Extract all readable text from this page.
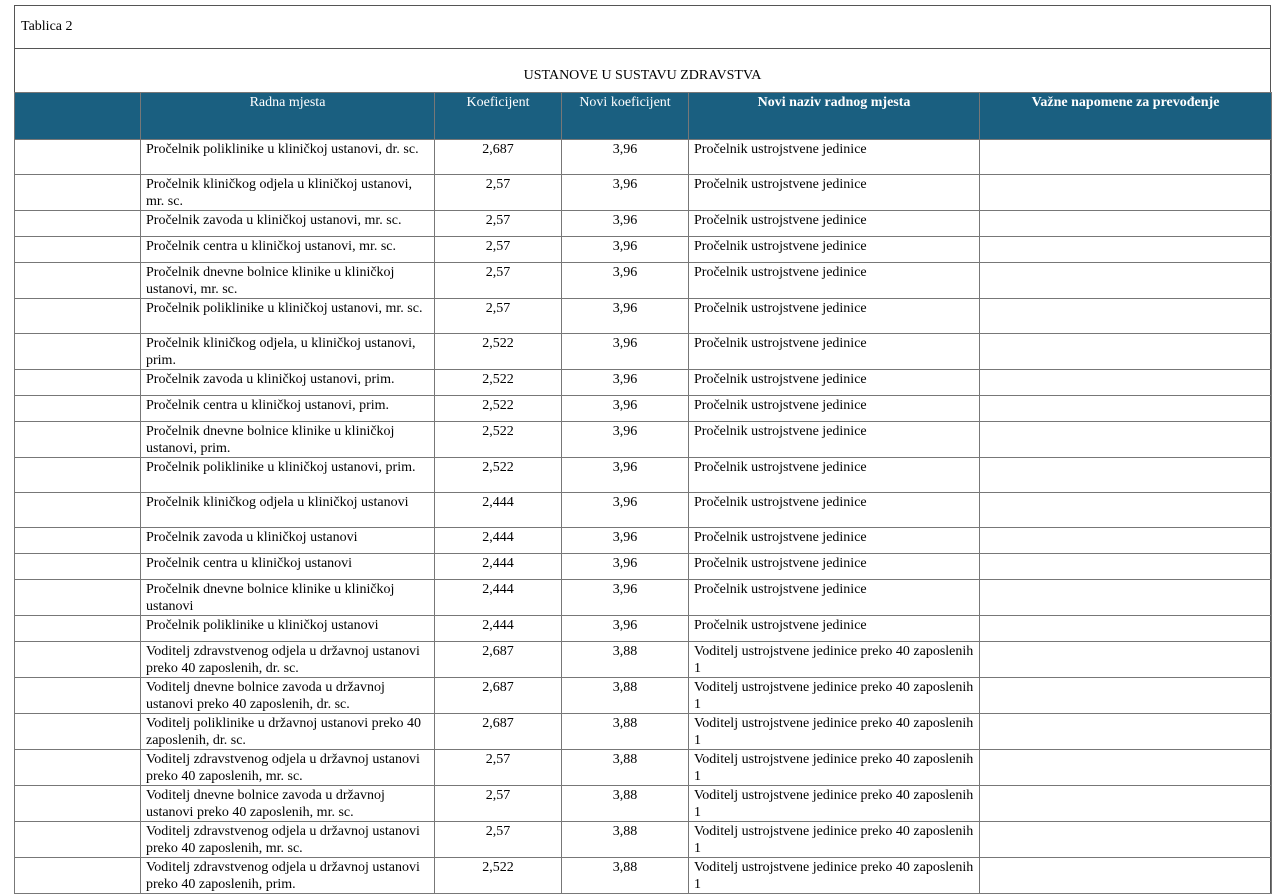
Tablica 2
USTANOVE U SUSTAVU ZDRAVSTVA
	Radna mjesta	Koeficijent	Novi koeficijent	Novi naziv radnog mjesta	Važne napomene za prevođenje
	Pročelnik poliklinike u kliničkoj ustanovi, dr. sc.	2,687	3,96	Pročelnik ustrojstvene jedinice	
	Pročelnik kliničkog odjela u kliničkoj ustanovi, mr. sc.	2,57	3,96	Pročelnik ustrojstvene jedinice	
	Pročelnik zavoda u kliničkoj ustanovi, mr. sc.	2,57	3,96	Pročelnik ustrojstvene jedinice	
	Pročelnik centra u kliničkoj ustanovi, mr. sc.	2,57	3,96	Pročelnik ustrojstvene jedinice	
	Pročelnik dnevne bolnice klinike u kliničkoj ustanovi, mr. sc.	2,57	3,96	Pročelnik ustrojstvene jedinice	
	Pročelnik poliklinike u kliničkoj ustanovi, mr. sc.	2,57	3,96	Pročelnik ustrojstvene jedinice	
	Pročelnik kliničkog odjela, u kliničkoj ustanovi, prim.	2,522	3,96	Pročelnik ustrojstvene jedinice	
	Pročelnik zavoda u kliničkoj ustanovi, prim.	2,522	3,96	Pročelnik ustrojstvene jedinice	
	Pročelnik centra u kliničkoj ustanovi, prim.	2,522	3,96	Pročelnik ustrojstvene jedinice	
	Pročelnik dnevne bolnice klinike u kliničkoj ustanovi, prim.	2,522	3,96	Pročelnik ustrojstvene jedinice	
	Pročelnik poliklinike u kliničkoj ustanovi, prim.	2,522	3,96	Pročelnik ustrojstvene jedinice	
	Pročelnik kliničkog odjela u kliničkoj ustanovi	2,444	3,96	Pročelnik ustrojstvene jedinice	
	Pročelnik zavoda u kliničkoj ustanovi	2,444	3,96	Pročelnik ustrojstvene jedinice	
	Pročelnik centra u kliničkoj ustanovi	2,444	3,96	Pročelnik ustrojstvene jedinice	
	Pročelnik dnevne bolnice klinike u kliničkoj ustanovi	2,444	3,96	Pročelnik ustrojstvene jedinice	
	Pročelnik poliklinike u kliničkoj ustanovi	2,444	3,96	Pročelnik ustrojstvene jedinice	
	Voditelj zdravstvenog odjela u državnoj ustanovi preko 40 zaposlenih, dr. sc.	2,687	3,88	Voditelj ustrojstvene jedinice preko 40 zaposlenih 1	
	Voditelj dnevne bolnice zavoda u državnoj ustanovi preko 40 zaposlenih, dr. sc.	2,687	3,88	Voditelj ustrojstvene jedinice preko 40 zaposlenih 1	
	Voditelj poliklinike u državnoj ustanovi preko 40 zaposlenih, dr. sc.	2,687	3,88	Voditelj ustrojstvene jedinice preko 40 zaposlenih 1	
	Voditelj zdravstvenog odjela u državnoj ustanovi preko 40 zaposlenih, mr. sc.	2,57	3,88	Voditelj ustrojstvene jedinice preko 40 zaposlenih 1	
	Voditelj dnevne bolnice zavoda u državnoj ustanovi preko 40 zaposlenih, mr. sc.	2,57	3,88	Voditelj ustrojstvene jedinice preko 40 zaposlenih 1	
	Voditelj zdravstvenog odjela u državnoj ustanovi preko 40 zaposlenih, mr. sc.	2,57	3,88	Voditelj ustrojstvene jedinice preko 40 zaposlenih 1	
	Voditelj zdravstvenog odjela u državnoj ustanovi preko 40 zaposlenih, prim.	2,522	3,88	Voditelj ustrojstvene jedinice preko 40 zaposlenih 1	
